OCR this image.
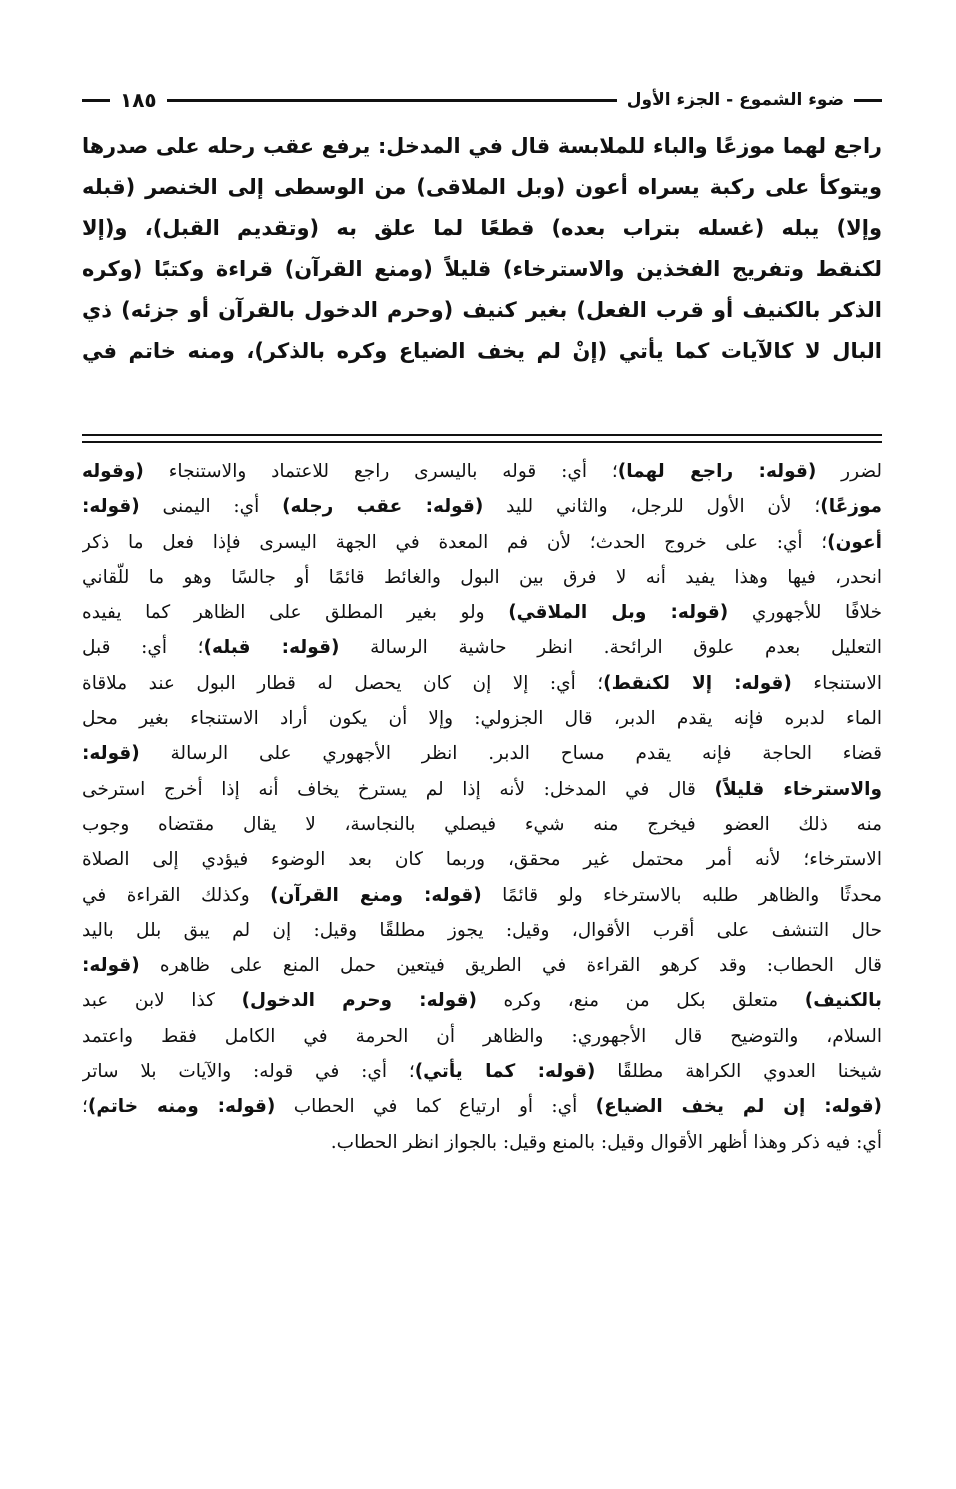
ضوء الشموع - الجزء الأول
١٨٥
راجع لهما موزعًا والباء للملابسة قال في المدخل: يرفع عقب رحله على صدرها
ويتوكأ على ركبة يسراه أعون (وبل الملاقى) من الوسطى إلى الخنصر (قبله
وإلا) يبله (غسله بتراب بعده) قطعًا لما علق به (وتقديم القبل)، و(إلا
لكنقط وتفريج الفخذين والاسترخاء) قليلاً (ومنع القرآن) قراءة وكتبًا (وكره
الذكر بالكنيف أو قرب الفعل) بغير كنيف (وحرم الدخول بالقرآن أو جزئه) ذي
البال لا كالآيات كما يأتي (إنْ لم يخف الضياع وكره بالذكر)، ومنه خاتم في
لضرر (قوله: راجع لهما)؛ أي: قوله باليسرى راجع للاعتماد والاستنجاء (وقوله
موزعًا)؛ لأن الأول للرجل، والثاني لليد (قوله: عقب رجله) أي: اليمنى (قوله:
أعون)؛ أي: على خروج الحدث؛ لأن فم المعدة في الجهة اليسرى فإذا فعل ما ذكر
انحدر، فيها وهذا يفيد أنه لا فرق بين البول والغائط قائمًا أو جالسًا وهو ما للّقاني
خلافًا للأجهوري (قوله: وبل الملاقي) ولو بغير المطلق على الظاهر كما يفيده
التعليل بعدم علوق الرائحة. انظر حاشية الرسالة (قوله: قبله)؛ أي: قبل
الاستنجاء (قوله: إلا لكنقط)؛ أي: إلا إن كان يحصل له قطار البول عند ملاقاة
الماء لدبره فإنه يقدم الدبر، قال الجزولي: وإلا أن يكون أراد الاستنجاء بغير محل
قضاء الحاجة فإنه يقدم مساح الدبر. انظر الأجهوري على الرسالة (قوله:
والاسترخاء قليلاً) قال في المدخل: لأنه إذا لم يسترخ يخاف أنه إذا أخرج استرخى
منه ذلك العضو فيخرج منه شيء فيصلي بالنجاسة، لا يقال مقتضاه وجوب
الاسترخاء؛ لأنه أمر محتمل غير محقق، وربما كان بعد الوضوء فيؤدي إلى الصلاة
محدثًا والظاهر طلبه بالاسترخاء ولو قائمًا (قوله: ومنع القرآن) وكذلك القراءة في
حال التنشف على أقرب الأقوال، وقيل: يجوز مطلقًا وقيل: إن لم يبق بلل باليد
قال الحطاب: وقد كرهو القراءة في الطريق فيتعين حمل المنع على ظاهره (قوله:
بالكنيف) متعلق بكل من منع، وكره (قوله: وحرم الدخول) كذا لابن عبد
السلام، والتوضيح قال الأجهوري: والظاهر أن الحرمة في الكامل فقط واعتمد
شيخنا العدوي الكراهة مطلقًا (قوله: كما يأتي)؛ أي: في قوله: والآيات بلا ساتر
(قوله: إن لم يخف الضياع) أي: أو ارتياع كما في الحطاب (قوله: ومنه خاتم)؛
أي: فيه ذكر وهذا أظهر الأقوال وقيل: بالمنع وقيل: بالجواز انظر الحطاب.
